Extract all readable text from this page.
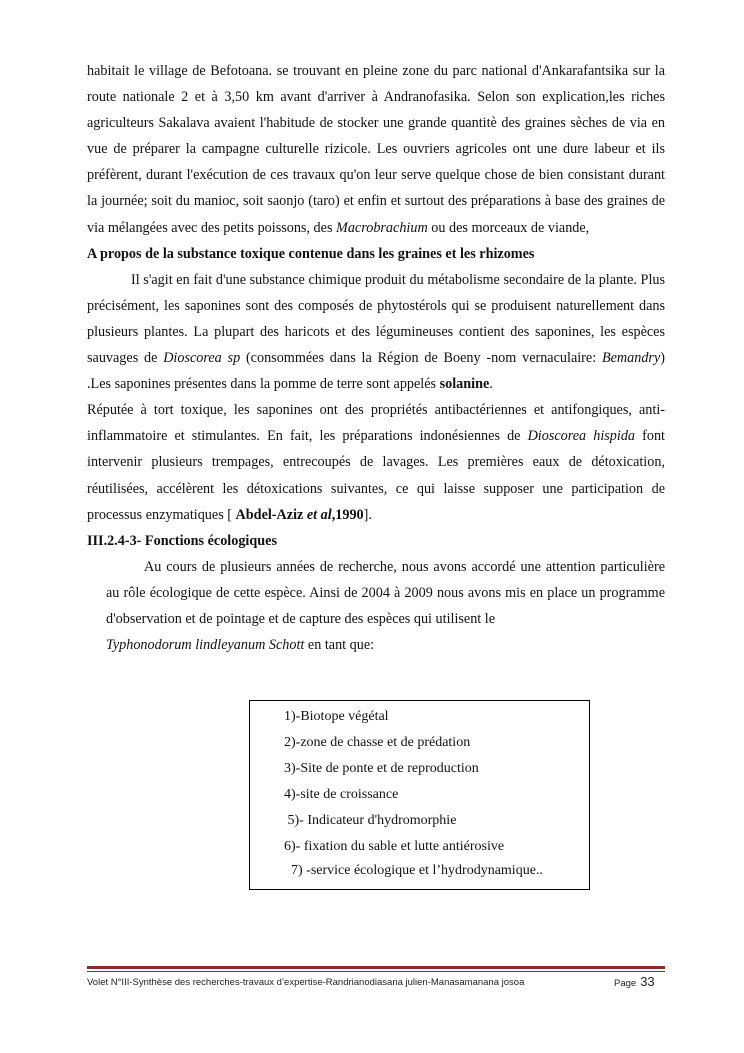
habitait le village de Befotoana. se trouvant en pleine zone du parc national d'Ankarafantsika sur la route nationale 2 et à 3,50 km avant d'arriver à Andranofasika. Selon son explication,les riches agriculteurs Sakalava avaient l'habitude de stocker une grande quantitè des graines sèches de via en vue de préparer la campagne culturelle rizicole. Les ouvriers agricoles ont une dure labeur et ils préfèrent, durant l'exécution de ces travaux qu'on leur serve quelque chose de bien consistant durant la journée; soit du manioc, soit saonjo (taro) et enfin et surtout des préparations à base des graines de via mélangées avec des petits poissons, des Macrobrachium ou des morceaux de viande,

A propos de la substance toxique contenue dans les graines et les rhizomes

Il s'agit en fait d'une substance chimique produit du métabolisme secondaire de la plante. Plus précisément, les saponines sont des composés de phytostérols qui se produisent naturellement dans plusieurs plantes. La plupart des haricots et des légumineuses contient des saponines, les espèces sauvages de Dioscorea sp (consommées dans la Région de Boeny -nom vernaculaire: Bemandry) .Les saponines présentes dans la pomme de terre sont appelés solanine.

Réputée à tort toxique, les saponines ont des propriétés antibactériennes et antifongiques, anti-inflammatoire et stimulantes. En fait, les préparations indonésiennes de Dioscorea hispida font intervenir plusieurs trempages, entrecoupés de lavages. Les premières eaux de détoxication, réutilisées, accélèrent les détoxications suivantes, ce qui laisse supposer une participation de processus enzymatiques [ Abdel-Aziz et al,1990].

III.2.4-3- Fonctions écologiques

Au cours de plusieurs années de recherche, nous avons accordé une attention particulière au rôle écologique de cette espèce. Ainsi de 2004 à 2009 nous avons mis en place un programme d'observation et de pointage et de capture des espèces qui utilisent le

Typhonodorum lindleyanum Schott en tant que:

1)-Biotope végétal
2)-zone de chasse et de prédation
3)-Site de ponte et de reproduction
4)-site de croissance
5)- Indicateur d'hydromorphie
6)- fixation du sable et lutte antiérosive
7) -service écologique et l’hydrodynamique..
Volet N°III-Synthèse des recherches-travaux d’expertise-Randrianodiasana julien-Manasamanana josoa	Page 33
